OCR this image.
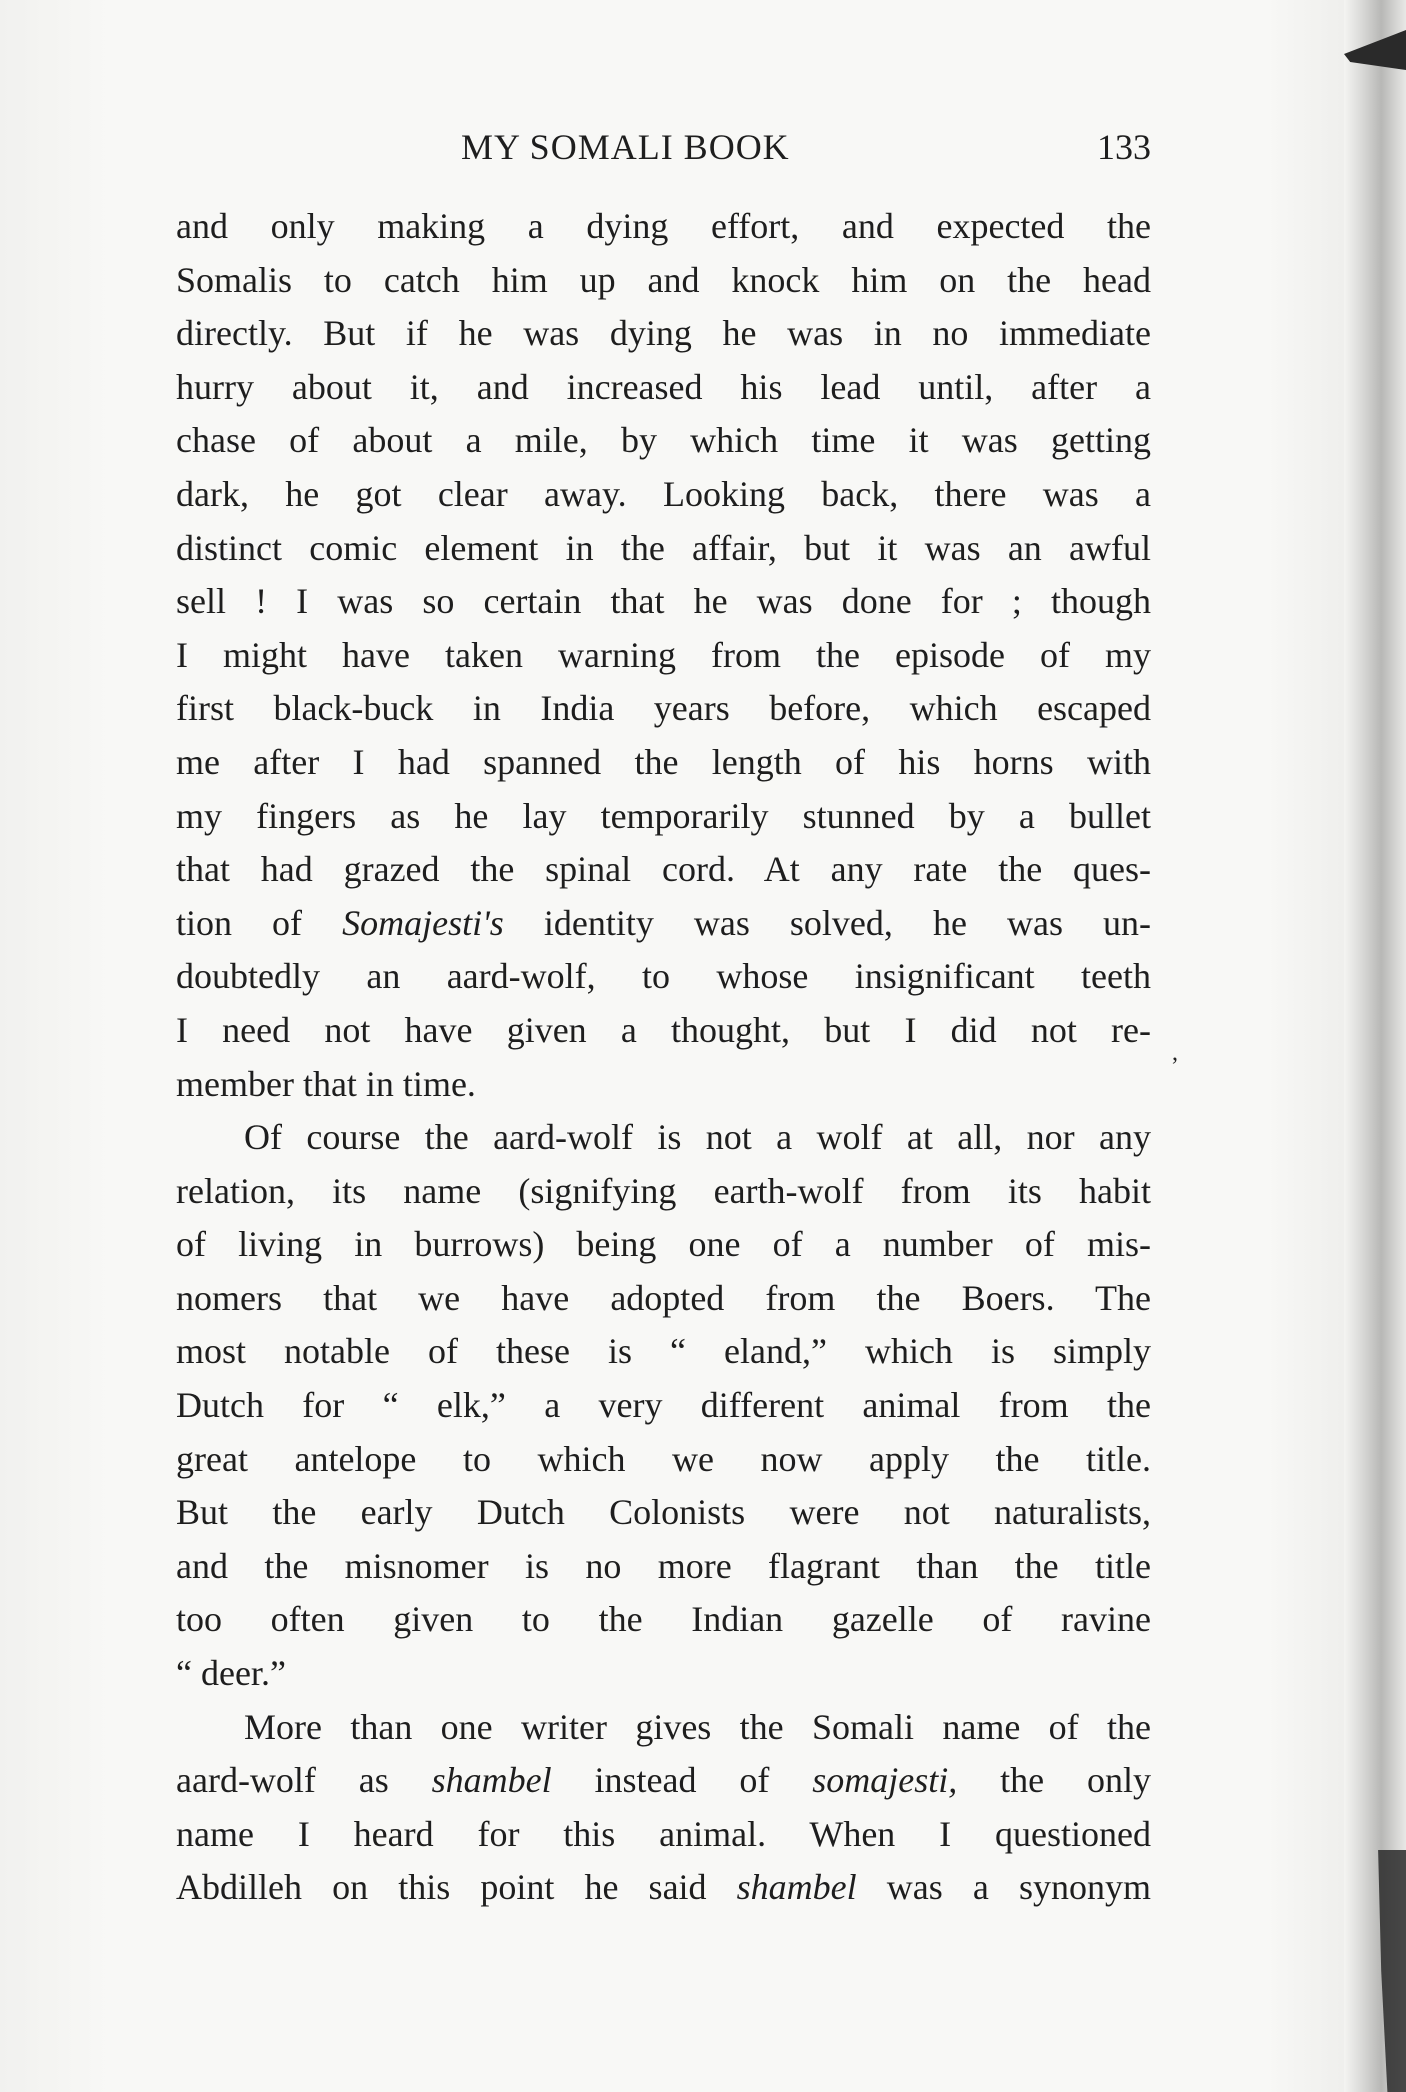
MY SOMALI BOOK	133
and only making a dying effort, and expected the
Somalis to catch him up and knock him on the head
directly. But if he was dying he was in no immediate
hurry about it, and increased his lead until, after a
chase of about a mile, by which time it was getting
dark, he got clear away. Looking back, there was a
distinct comic element in the affair, but it was an awful
sell ! I was so certain that he was done for ; though
I might have taken warning from the episode of my
first black-buck in India years before, which escaped
me after I had spanned the length of his horns with
my fingers as he lay temporarily stunned by a bullet
that had grazed the spinal cord. At any rate the ques-
tion of Somajesti's identity was solved, he was un-
doubtedly an aard-wolf, to whose insignificant teeth
I need not have given a thought, but I did not re-
member that in time.
Of course the aard-wolf is not a wolf at all, nor any
relation, its name (signifying earth-wolf from its habit
of living in burrows) being one of a number of mis-
nomers that we have adopted from the Boers. The
most notable of these is “ eland,” which is simply
Dutch for “ elk,” a very different animal from the
great antelope to which we now apply the title.
But the early Dutch Colonists were not naturalists,
and the misnomer is no more flagrant than the title
too often given to the Indian gazelle of ravine
“ deer.”
More than one writer gives the Somali name of the
aard-wolf as shambel instead of somajesti, the only
name I heard for this animal. When I questioned
Abdilleh on this point he said shambel was a synonym
,
